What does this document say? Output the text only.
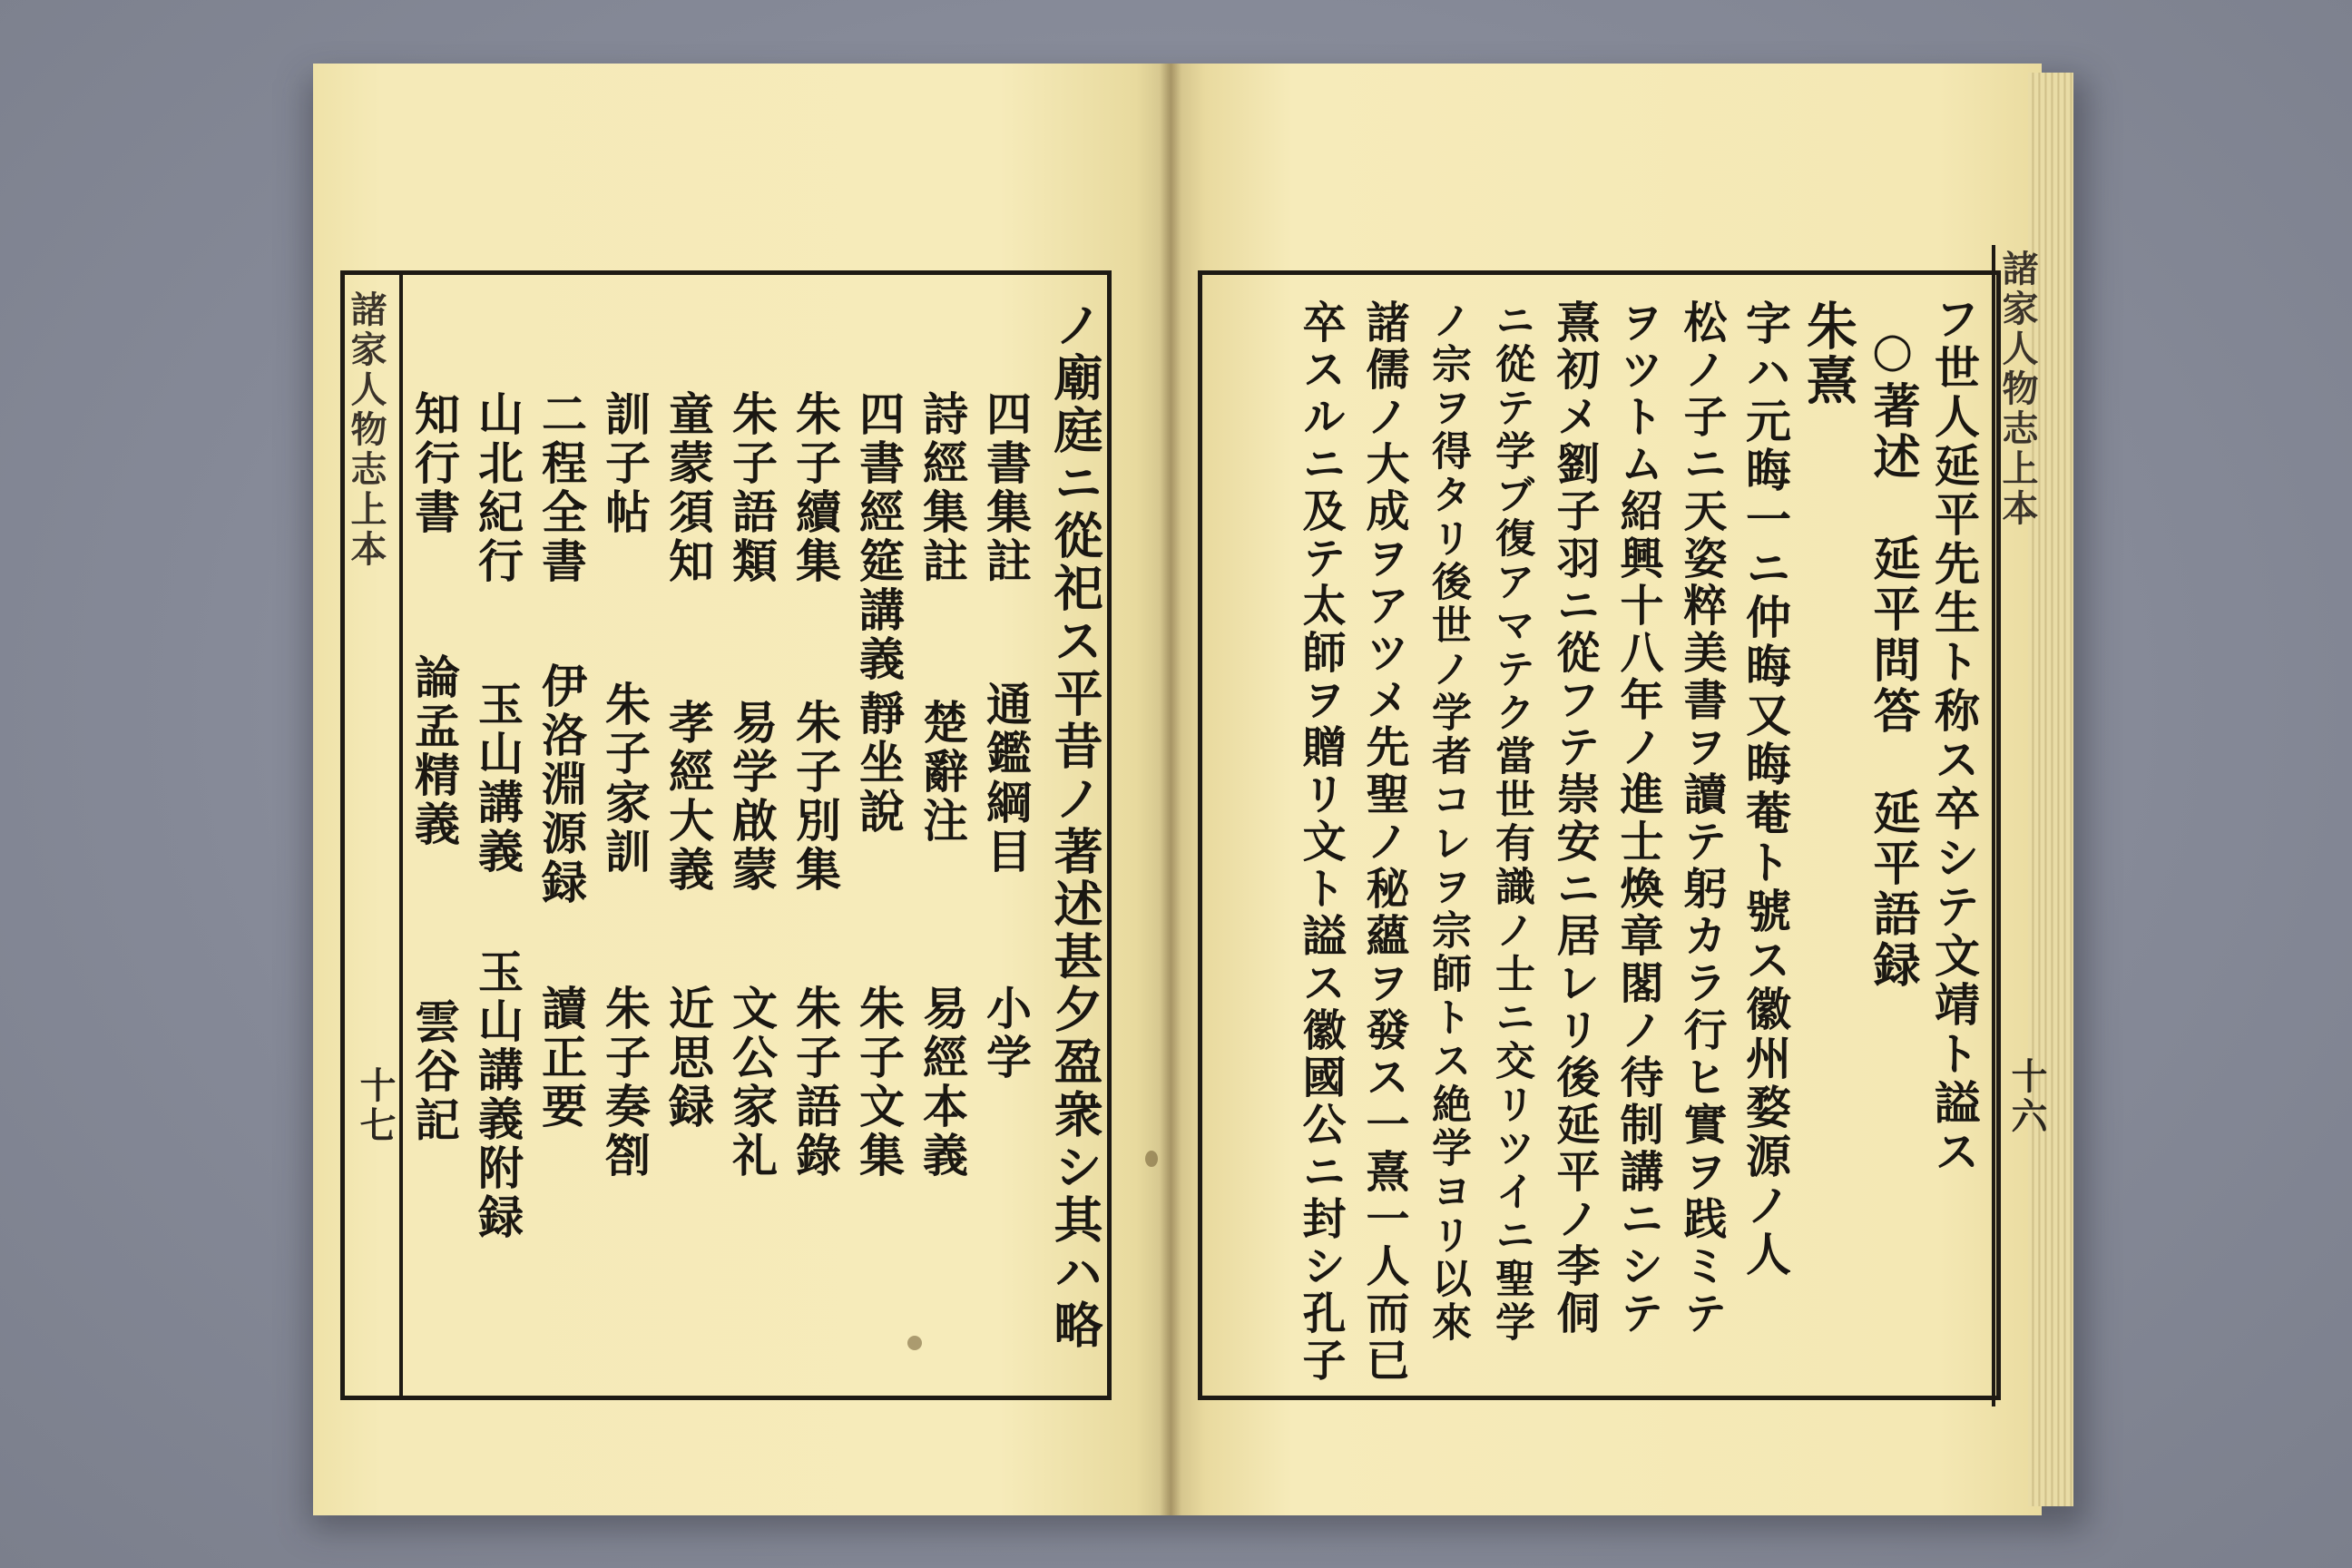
諸家人物志上本
十七	ノ廟庭ニ從祀ス平昔ノ著述甚夕盈衆シ其ハ略
四書集註
通鑑綱目
小学
詩經集註
楚辭注
易經本義
四書經筵講義
靜坐說
朱子文集
朱子續集
朱子別集
朱子語錄
朱子語類
易学啟蒙
文公家礼
童蒙須知
孝經大義
近思録
訓子帖
朱子家訓
朱子奏劄
二程全書
伊洛淵源録
讀正要
山北紀行
玉山講義
玉山講義附録
知行書
論孟精義
雲谷記
諸家人物志上本
十六
フ世人延平先生ト称ス卒シテ文靖ト謚ス
○著述　延平問答　延平語録
朱熹
字ハ元晦一ニ仲晦又晦菴ト號ス徽州婺源ノ人
松ノ子ニ天姿粹美書ヲ讀テ躬カラ行ヒ實ヲ践ミテ
ヲツトム紹興十八年ノ進士煥章閣ノ待制講ニシテ
熹初メ劉子羽ニ從フテ崇安ニ居レリ後延平ノ李侗
ニ從テ学ブ復アマテク當世有識ノ士ニ交リツイニ聖学
ノ宗ヲ得タリ後世ノ学者コレヲ宗師トス絶学ヨリ以來
諸儒ノ大成ヲアツメ先聖ノ秘蘊ヲ發ス一熹一人而已
卒スルニ及テ太師ヲ贈リ文ト謚ス徽國公ニ封シ孔子
